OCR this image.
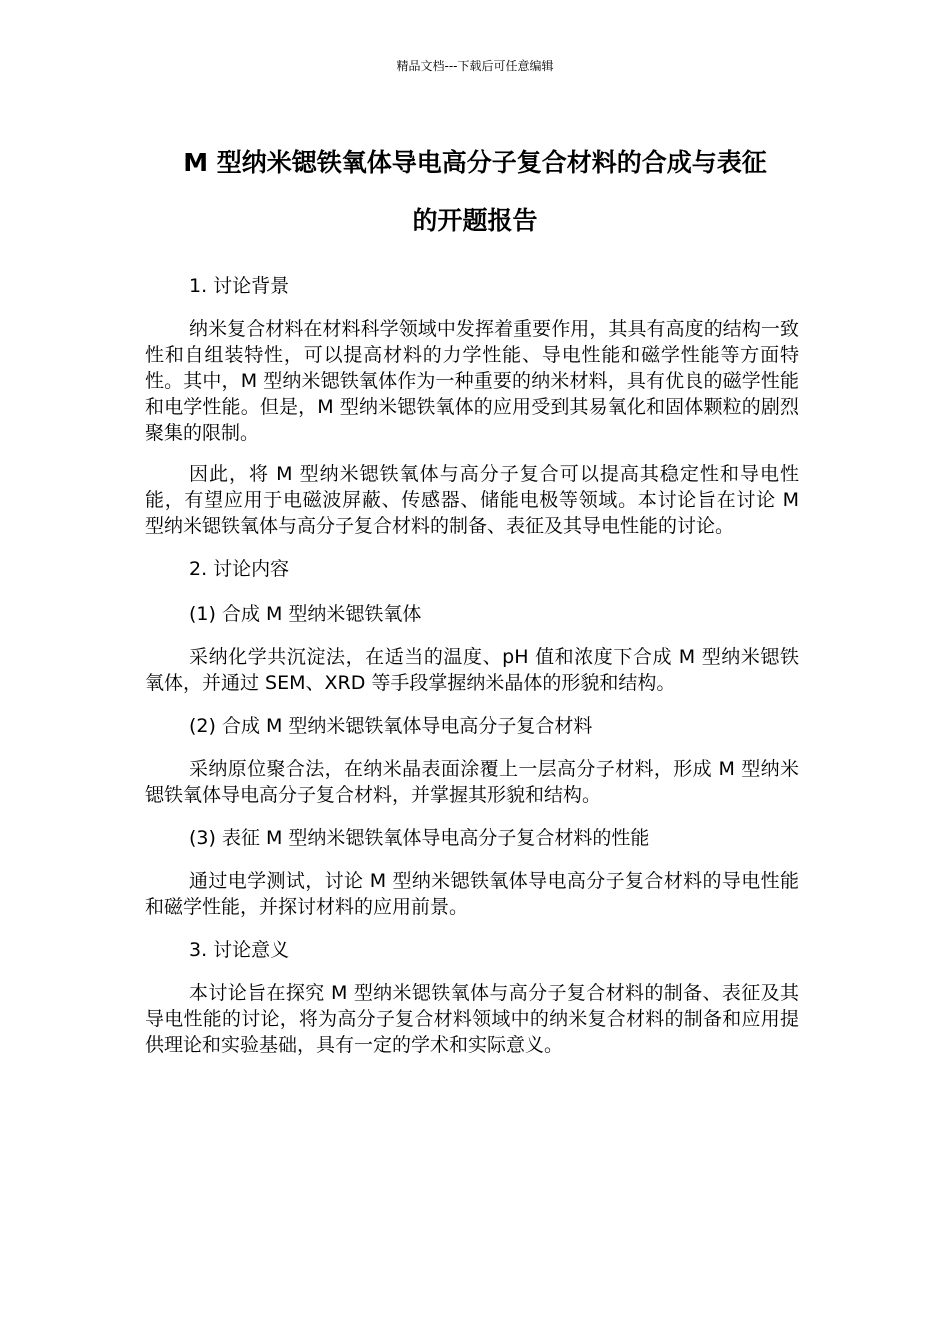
精品文档---下载后可任意编辑
M 型纳米锶铁氧体导电高分子复合材料的合成与表征
的开题报告
1. 讨论背景

纳米复合材料在材料科学领域中发挥着重要作用，其具有高度的结构一致性和自组装特性，可以提高材料的力学性能、导电性能和磁学性能等方面特性。其中，M 型纳米锶铁氧体作为一种重要的纳米材料，具有优良的磁学性能和电学性能。但是，M 型纳米锶铁氧体的应用受到其易氧化和固体颗粒的剧烈聚集的限制。

因此，将 M 型纳米锶铁氧体与高分子复合可以提高其稳定性和导电性能，有望应用于电磁波屏蔽、传感器、储能电极等领域。本讨论旨在讨论 M 型纳米锶铁氧体与高分子复合材料的制备、表征及其导电性能的讨论。

2. 讨论内容
(1) 合成 M 型纳米锶铁氧体

采纳化学共沉淀法，在适当的温度、pH 值和浓度下合成 M 型纳米锶铁氧体，并通过 SEM、XRD 等手段掌握纳米晶体的形貌和结构。

(2) 合成 M 型纳米锶铁氧体导电高分子复合材料

采纳原位聚合法，在纳米晶表面涂覆上一层高分子材料，形成 M 型纳米锶铁氧体导电高分子复合材料，并掌握其形貌和结构。

(3) 表征 M 型纳米锶铁氧体导电高分子复合材料的性能

通过电学测试，讨论 M 型纳米锶铁氧体导电高分子复合材料的导电性能和磁学性能，并探讨材料的应用前景。

3. 讨论意义

本讨论旨在探究 M 型纳米锶铁氧体与高分子复合材料的制备、表征及其导电性能的讨论，将为高分子复合材料领域中的纳米复合材料的制备和应用提供理论和实验基础，具有一定的学术和实际意义。
